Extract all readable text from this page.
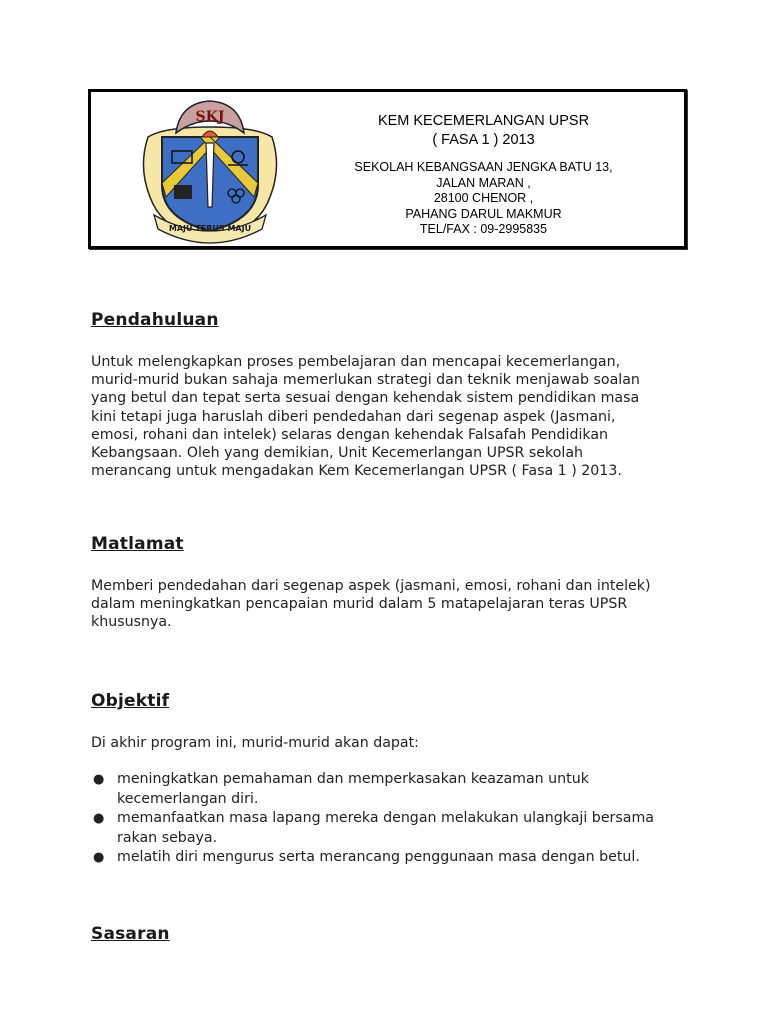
SKJ
MAJU TERUS MAJU
KEM KECEMERLANGAN UPSR
( FASA 1 ) 2013
SEKOLAH KEBANGSAAN JENGKA BATU 13,
JALAN MARAN ,
28100 CHENOR ,
PAHANG DARUL MAKMUR
TEL/FAX : 09-2995835
Pendahuluan
Untuk melengkapkan proses pembelajaran dan mencapai kecemerlangan,
murid-murid bukan sahaja memerlukan strategi dan teknik menjawab soalan
yang betul dan tepat serta sesuai dengan kehendak sistem pendidikan masa
kini tetapi juga haruslah diberi pendedahan dari segenap aspek (Jasmani,
emosi, rohani dan intelek) selaras dengan kehendak Falsafah Pendidikan
Kebangsaan. Oleh yang demikian, Unit Kecemerlangan UPSR sekolah
merancang untuk mengadakan Kem Kecemerlangan UPSR ( Fasa 1 ) 2013.
Matlamat
Memberi pendedahan dari segenap aspek (jasmani, emosi, rohani dan intelek)
dalam meningkatkan pencapaian murid dalam 5 matapelajaran teras UPSR
khususnya.
Objektif
Di akhir program ini, murid-murid akan dapat:
● meningkatkan pemahaman dan memperkasakan keazaman untuk
kecemerlangan diri.
● memanfaatkan masa lapang mereka dengan melakukan ulangkaji bersama
rakan sebaya.
● melatih diri mengurus serta merancang penggunaan masa dengan betul.
Sasaran
